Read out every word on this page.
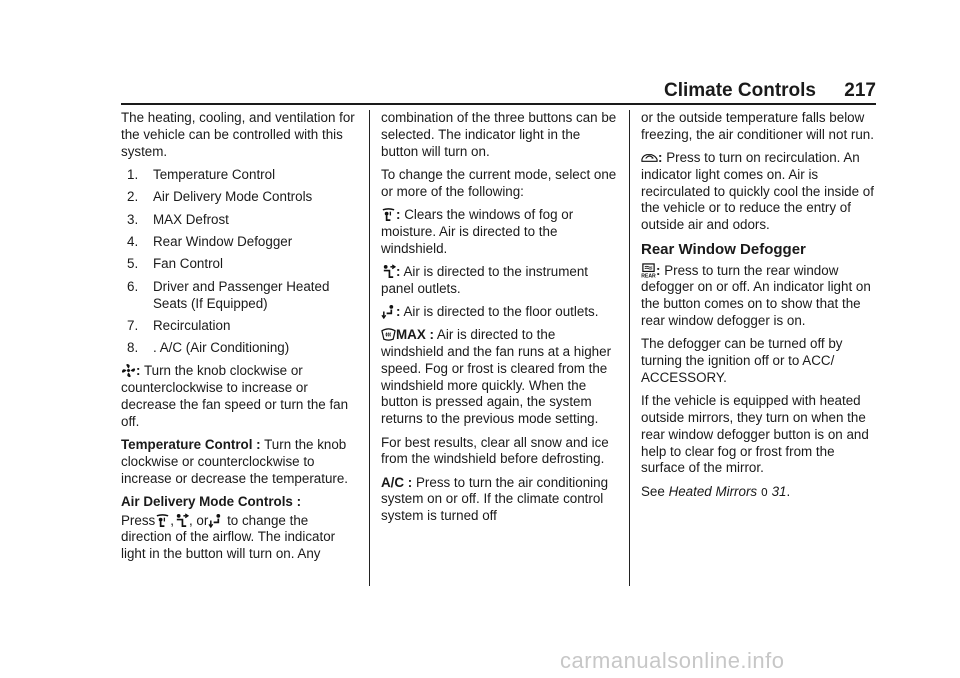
Climate Controls 217

The heating, cooling, and ventilation for the vehicle can be controlled with this system.

1. Temperature Control
2. Air Delivery Mode Controls
3. MAX Defrost
4. Rear Window Defogger
5. Fan Control
6. Driver and Passenger Heated Seats (If Equipped)
7. Recirculation
8. . A/C (Air Conditioning)

: Turn the knob clockwise or counterclockwise to increase or decrease the fan speed or turn the fan off.

Temperature Control : Turn the knob clockwise or counterclockwise to increase or decrease the temperature.

Air Delivery Mode Controls :

Press , , or to change the direction of the airflow. The indicator light in the button will turn on. Any

combination of the three buttons can be selected. The indicator light in the button will turn on.

To change the current mode, select one or more of the following:

: Clears the windows of fog or moisture. Air is directed to the windshield.

: Air is directed to the instrument panel outlets.

: Air is directed to the floor outlets.

MAX : Air is directed to the windshield and the fan runs at a higher speed. Fog or frost is cleared from the windshield more quickly. When the button is pressed again, the system returns to the previous mode setting.

For best results, clear all snow and ice from the windshield before defrosting.

A/C : Press to turn the air conditioning system on or off. If the climate control system is turned off

or the outside temperature falls below freezing, the air conditioner will not run.

: Press to turn on recirculation. An indicator light comes on. Air is recirculated to quickly cool the inside of the vehicle or to reduce the entry of outside air and odors.

Rear Window Defogger

: Press to turn the rear window defogger on or off. An indicator light on the button comes on to show that the rear window defogger is on.

The defogger can be turned off by turning the ignition off or to ACC/ ACCESSORY.

If the vehicle is equipped with heated outside mirrors, they turn on when the rear window defogger button is on and help to clear fog or frost from the surface of the mirror.

See Heated Mirrors 0 31.

carmanualsonline.info
